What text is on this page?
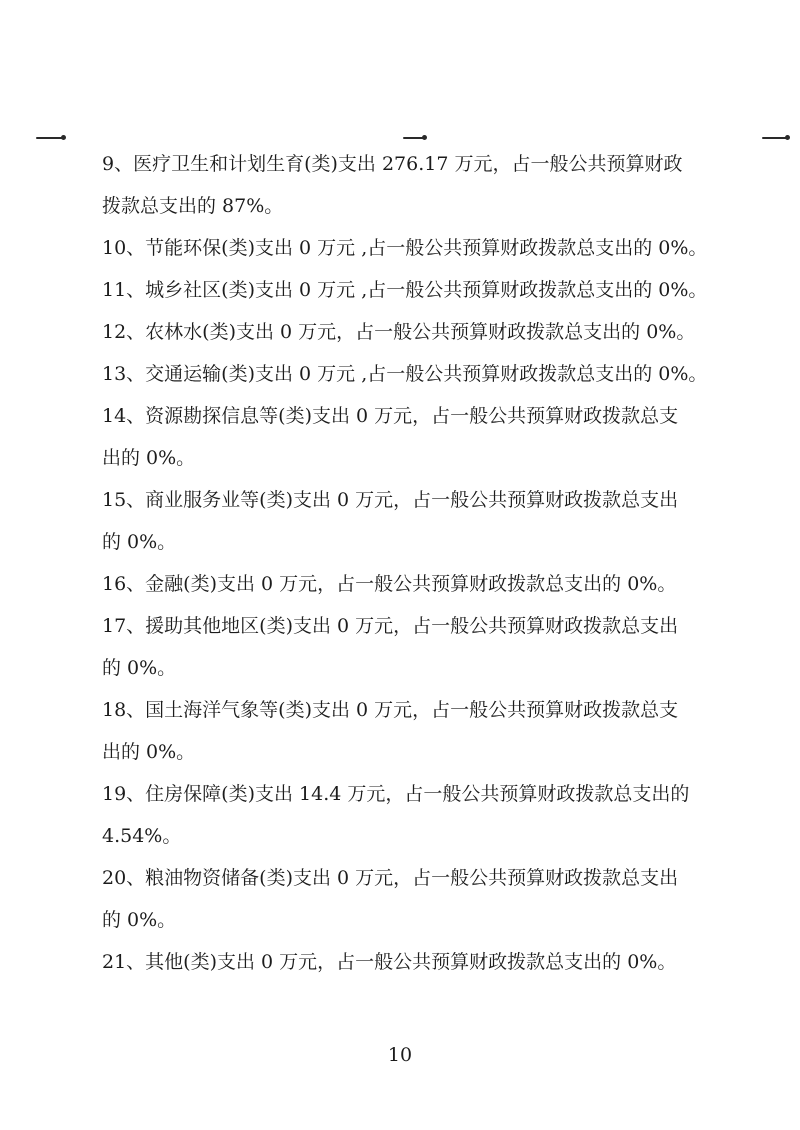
9、医疗卫生和计划生育(类)支出 276.17 万元，占一般公共预算财政
拨款总支出的 87%。
10、节能环保(类)支出 0 万元 ,占一般公共预算财政拨款总支出的 0%。
11、城乡社区(类)支出 0 万元 ,占一般公共预算财政拨款总支出的 0%。
12、农林水(类)支出 0 万元，占一般公共预算财政拨款总支出的 0%。
13、交通运输(类)支出 0 万元 ,占一般公共预算财政拨款总支出的 0%。
14、资源勘探信息等(类)支出 0 万元，占一般公共预算财政拨款总支
出的 0%。
15、商业服务业等(类)支出 0 万元，占一般公共预算财政拨款总支出
的 0%。
16、金融(类)支出 0 万元，占一般公共预算财政拨款总支出的 0%。
17、援助其他地区(类)支出 0 万元，占一般公共预算财政拨款总支出
的 0%。
18、国土海洋气象等(类)支出 0 万元，占一般公共预算财政拨款总支
出的 0%。
19、住房保障(类)支出 14.4 万元，占一般公共预算财政拨款总支出的
4.54%。
20、粮油物资储备(类)支出 0 万元，占一般公共预算财政拨款总支出
的 0%。
21、其他(类)支出 0 万元，占一般公共预算财政拨款总支出的 0%。
10
